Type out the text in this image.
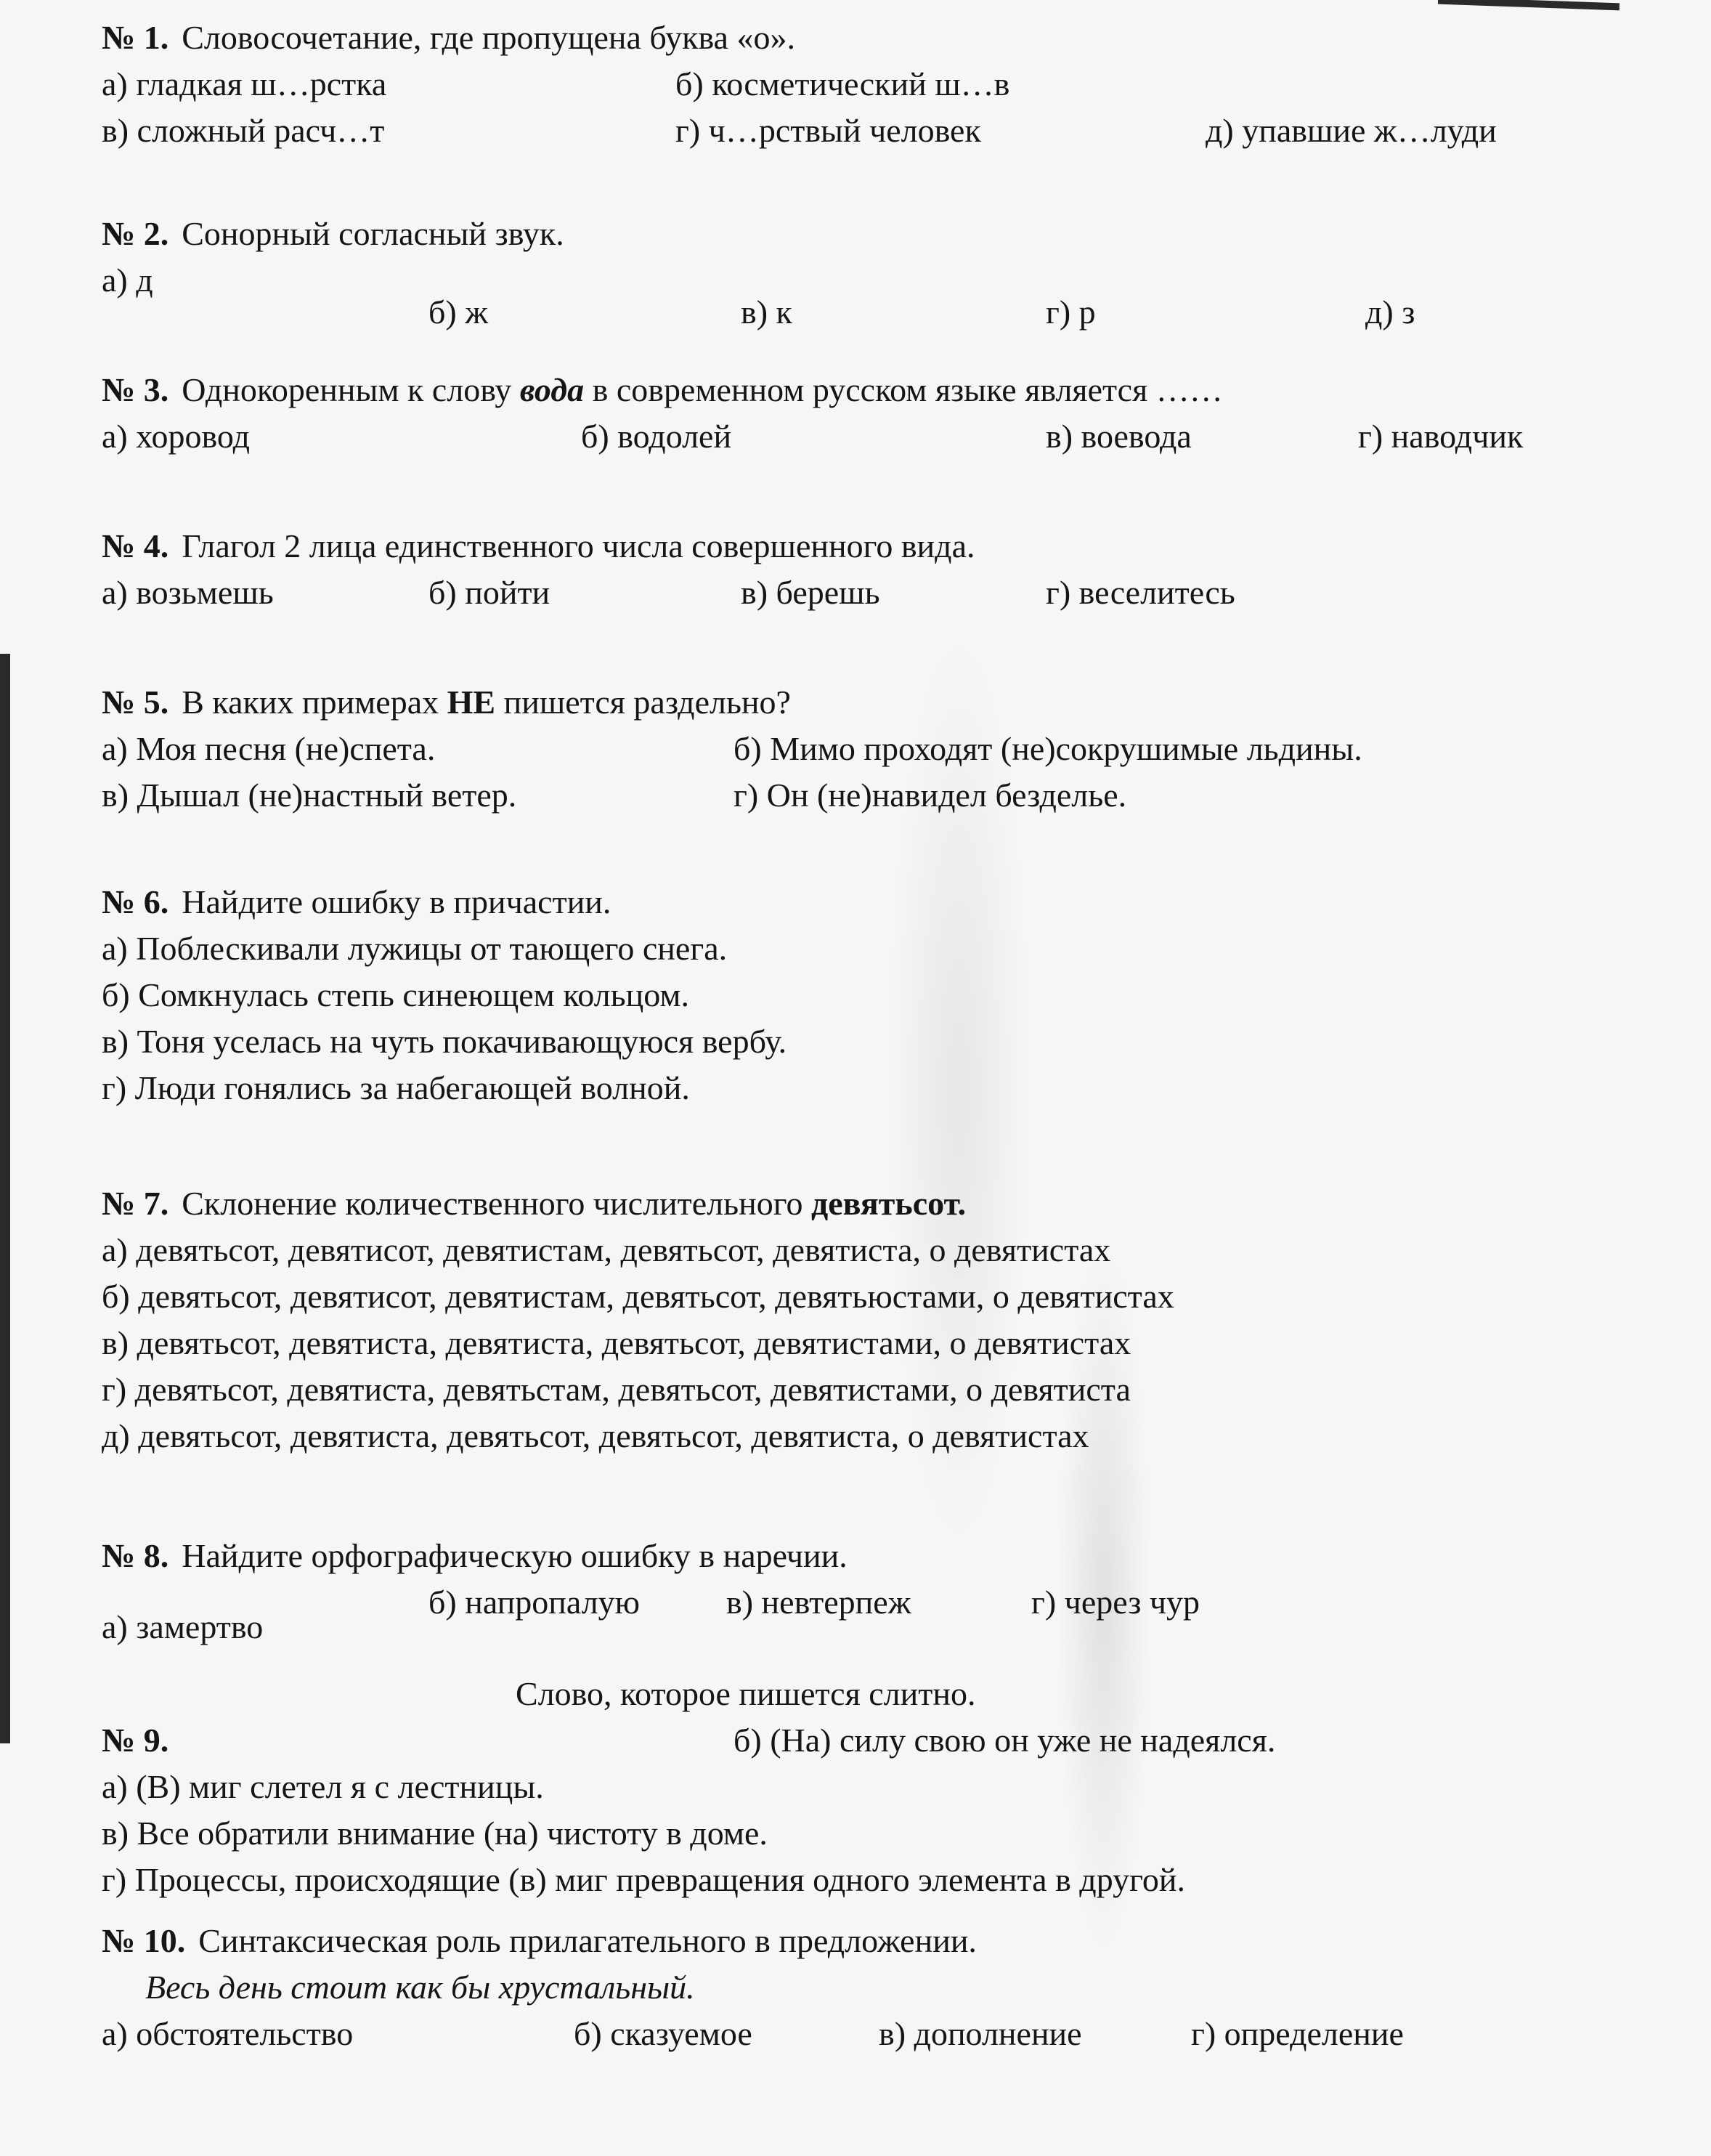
№ 1. Словосочетание, где пропущена буква «о».
а) гладкая ш…рстка	б) косметический ш…в
в) сложный расч…т	г) ч…рствый человек	д) упавшие ж…луди
№ 2. Сонорный согласный звук.
а) д
б) ж	в) к	г) р	д) з
№ 3. Однокоренным к слову вода в современном русском языке является ……
а) хоровод	б) водолей	в) воевода	г) наводчик
№ 4. Глагол 2 лица единственного числа совершенного вида.
а) возьмешь	б) пойти	в) берешь	г) веселитесь
№ 5. В каких примерах НЕ пишется раздельно?
а) Моя песня (не)спета.	б) Мимо проходят (не)сокрушимые льдины.
в) Дышал (не)настный ветер.	г) Он (не)навидел безделье.
№ 6. Найдите ошибку в причастии.
а) Поблескивали лужицы от тающего снега.
б) Сомкнулась степь синеющем кольцом.
в) Тоня уселась на чуть покачивающуюся вербу.
г) Люди гонялись за набегающей волной.
№ 7. Склонение количественного числительного девятьсот.
а) девятьсот, девятисот, девятистам, девятьсот, девятиста, о девятистах
б) девятьсот, девятисот, девятистам, девятьсот, девятьюстами, о девятистах
в) девятьсот, девятиста, девятиста, девятьсот, девятистами, о девятистах
г) девятьсот, девятиста, девятьстам, девятьсот, девятистами, о девятиста
д) девятьсот, девятиста, девятьсот, девятьсот, девятиста, о девятистах
№ 8. Найдите орфографическую ошибку в наречии.
б) напропалую	в) невтерпеж	г) через чур
а) замертво
Слово, которое пишется слитно.
№ 9.	б) (На) силу свою он уже не надеялся.
а) (В) миг слетел я с лестницы.
в) Все обратили внимание (на) чистоту в доме.
г) Процессы, происходящие (в) миг превращения одного элемента в другой.
№ 10. Синтаксическая роль прилагательного в предложении.
Весь день стоит как бы хрустальный.
а) обстоятельство	б) сказуемое	в) дополнение	г) определение
